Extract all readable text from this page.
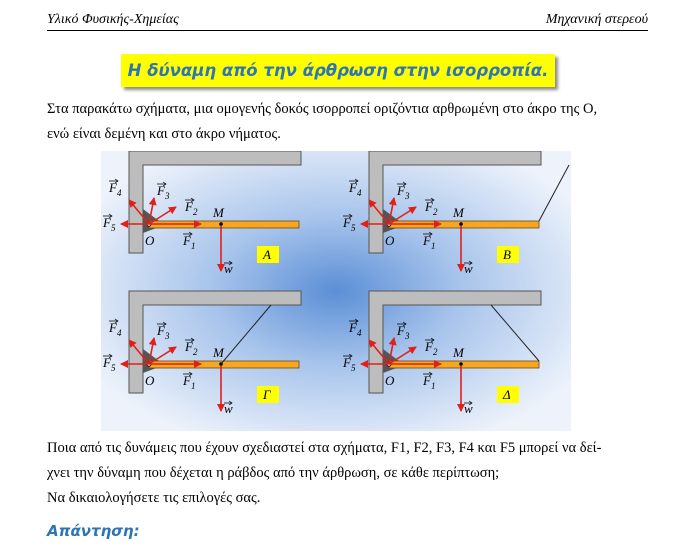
Υλικό Φυσικής-Χημείας	Μηχανική στερεού
Η δύναμη από την άρθρωση στην ισορροπία.
Στα παρακάτω σχήματα, μια ομογενής δοκός ισορροπεί οριζόντια αρθρωμένη στο άκρο της Ο,
ενώ είναι δεμένη και στο άκρο νήματος.
F 1
F 2
F 3
F 4
F 5
O
M
w
Α
F 1
F 2
F 3
F 4
F 5
O
M
w
Β
F 1
F 2
F 3
F 4
F 5
O
M
w
Γ
F 1
F 2
F 3
F 4
F 5
O
M
w
Δ
Ποια από τις δυνάμεις που έχουν σχεδιαστεί στα σχήματα, F1, F2, F3, F4 και F5 μπορεί να δεί-
χνει την δύναμη που δέχεται η ράβδος από την άρθρωση, σε κάθε περίπτωση;
Να δικαιολογήσετε τις επιλογές σας.
Απάντηση:
